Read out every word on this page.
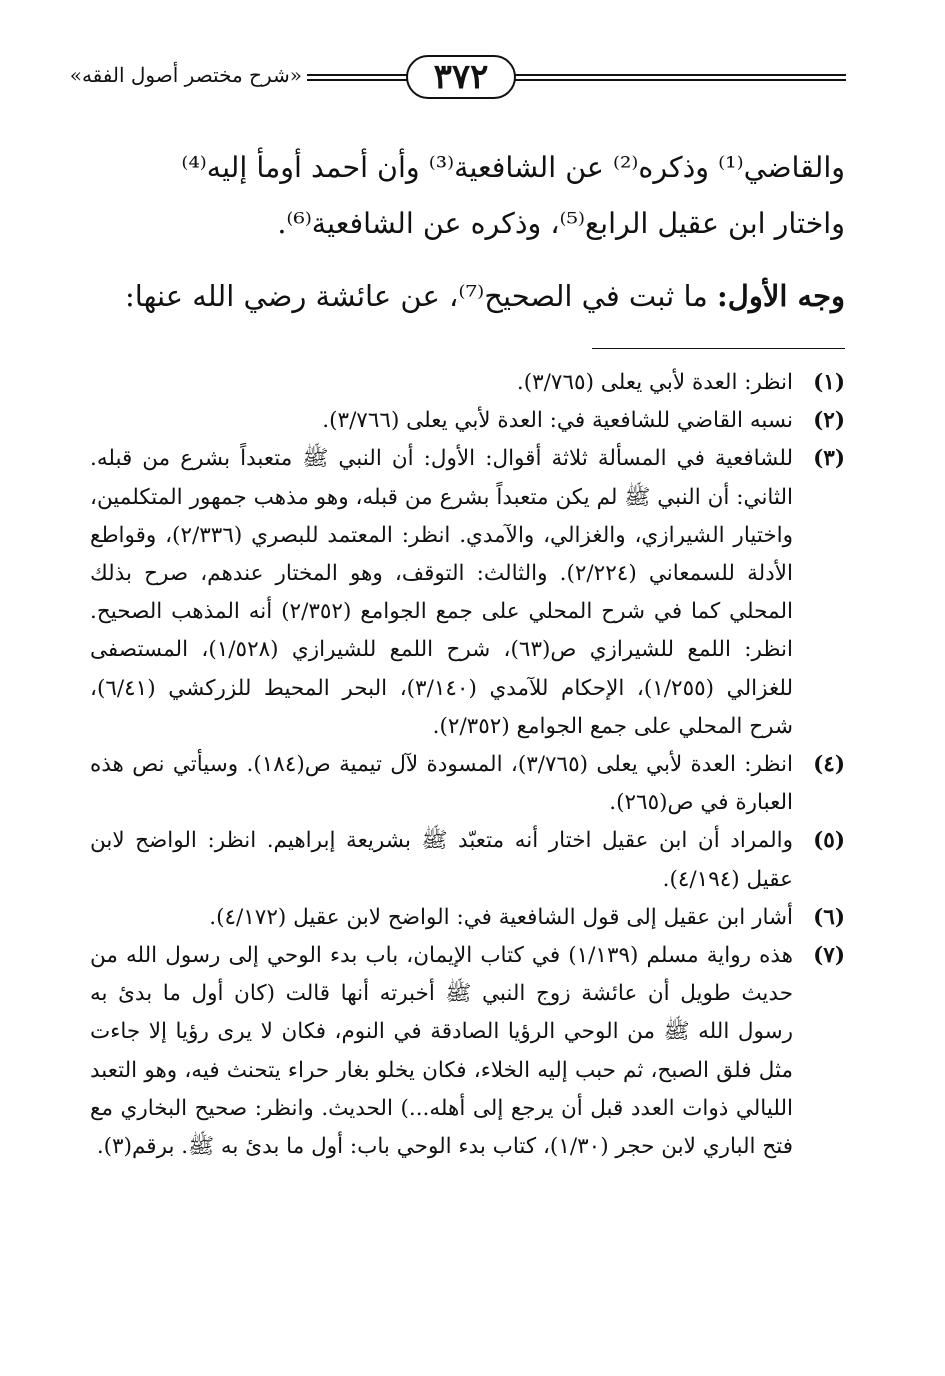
٣٧٢
«شرح مختصر أصول الفقه»

والقاضي⁽¹⁾ وذكره⁽²⁾ عن الشافعية⁽³⁾ وأن أحمد أومأ إليه⁽⁴⁾

واختار ابن عقيل الرابع⁽⁵⁾، وذكره عن الشافعية⁽⁶⁾.

وجه الأول: ما ثبت في الصحيح⁽⁷⁾، عن عائشة رضي الله عنها:

(١)
انظر: العدة لأبي يعلى (٣/٧٦٥).

(٢)
نسبه القاضي للشافعية في: العدة لأبي يعلى (٣/٧٦٦).

(٣)
للشافعية في المسألة ثلاثة أقوال: الأول: أن النبي ﷺ متعبداً بشرع من قبله. الثاني: أن النبي ﷺ لم يكن متعبداً بشرع من قبله، وهو مذهب جمهور المتكلمين، واختيار الشيرازي، والغزالي، والآمدي. انظر: المعتمد للبصري (٢/٣٣٦)، وقواطع الأدلة للسمعاني (٢/٢٢٤). والثالث: التوقف، وهو المختار عندهم، صرح بذلك المحلي كما في شرح المحلي على جمع الجوامع (٢/٣٥٢) أنه المذهب الصحيح. انظر: اللمع للشيرازي ص(٦٣)، شرح اللمع للشيرازي (١/٥٢٨)، المستصفى للغزالي (١/٢٥٥)، الإحكام للآمدي (٣/١٤٠)، البحر المحيط للزركشي (٦/٤١)، شرح المحلي على جمع الجوامع (٢/٣٥٢).

(٤)
انظر: العدة لأبي يعلى (٣/٧٦٥)، المسودة لآل تيمية ص(١٨٤). وسيأتي نص هذه العبارة في ص(٢٦٥).

(٥)
والمراد أن ابن عقيل اختار أنه متعبّد ﷺ بشريعة إبراهيم. انظر: الواضح لابن عقيل (٤/١٩٤).

(٦)
أشار ابن عقيل إلى قول الشافعية في: الواضح لابن عقيل (٤/١٧٢).

(٧)
هذه رواية مسلم (١/١٣٩) في كتاب الإيمان، باب بدء الوحي إلى رسول الله من حديث طويل أن عائشة زوج النبي ﷺ أخبرته أنها قالت (كان أول ما بدئ به رسول الله ﷺ من الوحي الرؤيا الصادقة في النوم، فكان لا يرى رؤيا إلا جاءت مثل فلق الصبح، ثم حبب إليه الخلاء، فكان يخلو بغار حراء يتحنث فيه، وهو التعبد الليالي ذوات العدد قبل أن يرجع إلى أهله...) الحديث. وانظر: صحيح البخاري مع فتح الباري لابن حجر (١/٣٠)، كتاب بدء الوحي باب: أول ما بدئ به ﷺ. برقم(٣).
